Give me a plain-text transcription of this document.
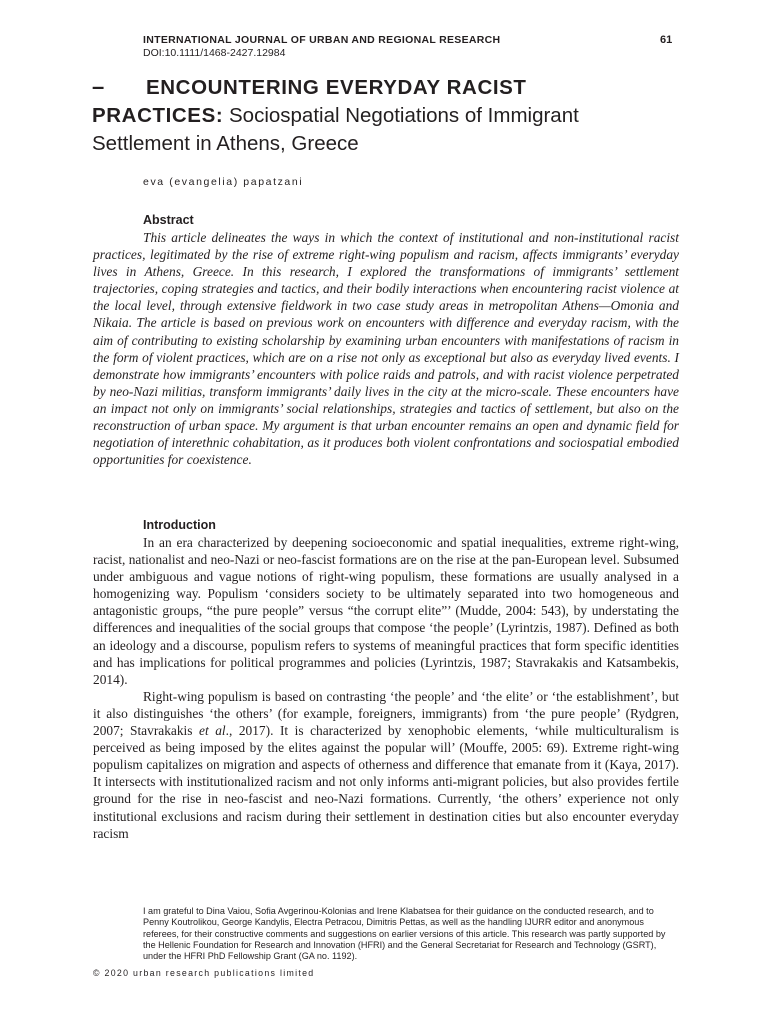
INTERNATIONAL JOURNAL OF URBAN AND REGIONAL RESEARCH	61
DOI:10.1111/1468-2427.12984
–	ENCOUNTERING EVERYDAY RACIST
PRACTICES: Sociospatial Negotiations of Immigrant
Settlement in Athens, Greece
eva (evangelia) papatzani
Abstract

This article delineates the ways in which the context of institutional and non-institutional racist practices, legitimated by the rise of extreme right-wing populism and racism, affects immigrants’ everyday lives in Athens, Greece. In this research, I explored the transformations of immigrants’ settlement trajectories, coping strategies and tactics, and their bodily interactions when encountering racist violence at the local level, through extensive fieldwork in two case study areas in metropolitan Athens—Omonia and Nikaia. The article is based on previous work on encounters with difference and everyday racism, with the aim of contributing to existing scholarship by examining urban encounters with manifestations of racism in the form of violent practices, which are on a rise not only as exceptional but also as everyday lived events. I demonstrate how immigrants’ encounters with police raids and patrols, and with racist violence perpetrated by neo-Nazi militias, transform immigrants’ daily lives in the city at the micro-scale. These encounters have an impact not only on immigrants’ social relationships, strategies and tactics of settlement, but also on the reconstruction of urban space. My argument is that urban encounter remains an open and dynamic field for negotiation of interethnic cohabitation, as it produces both violent confrontations and sociospatial embodied opportunities for coexistence.

Introduction

In an era characterized by deepening socioeconomic and spatial inequalities, extreme right-wing, racist, nationalist and neo-Nazi or neo-fascist formations are on the rise at the pan-European level. Subsumed under ambiguous and vague notions of right-wing populism, these formations are usually analysed in a homogenizing way. Populism ‘considers society to be ultimately separated into two homogeneous and antagonistic groups, “the pure people” versus “the corrupt elite”’ (Mudde, 2004: 543), by understating the differences and inequalities of the social groups that compose ‘the people’ (Lyrintzis, 1987). Defined as both an ideology and a discourse, populism refers to systems of meaningful practices that form specific identities and has implications for political programmes and policies (Lyrintzis, 1987; Stavrakakis and Katsambekis, 2014).

Right-wing populism is based on contrasting ‘the people’ and ‘the elite’ or ‘the establishment’, but it also distinguishes ‘the others’ (for example, foreigners, immigrants) from ‘the pure people’ (Rydgren, 2007; Stavrakakis et al., 2017). It is characterized by xenophobic elements, ‘while multiculturalism is perceived as being imposed by the elites against the popular will’ (Mouffe, 2005: 69). Extreme right-wing populism capitalizes on migration and aspects of otherness and difference that emanate from it (Kaya, 2017). It intersects with institutionalized racism and not only informs anti-migrant policies, but also provides fertile ground for the rise in neo-fascist and neo-Nazi formations. Currently, ‘the others’ experience not only institutional exclusions and racism during their settlement in destination cities but also encounter everyday racism

I am grateful to Dina Vaiou, Sofia Avgerinou-Kolonias and Irene Klabatsea for their guidance on the conducted research, and to Penny Koutrolikou, George Kandylis, Electra Petracou, Dimitris Pettas, as well as the handling IJURR editor and anonymous referees, for their constructive comments and suggestions on earlier versions of this article. This research was partly supported by the Hellenic Foundation for Research and Innovation (HFRI) and the General Secretariat for Research and Technology (GSRT), under the HFRI PhD Fellowship Grant (GA no. 1192).

© 2020 urban research publications limited
